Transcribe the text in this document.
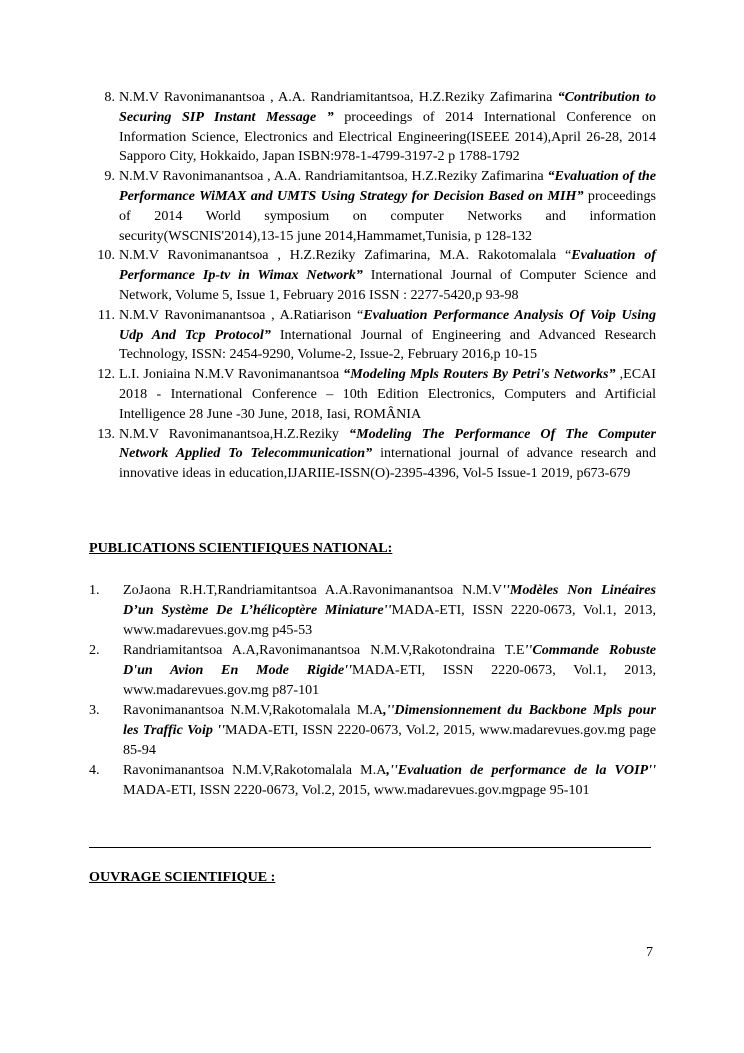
8. N.M.V Ravonimanantsoa , A.A. Randriamitantsoa, H.Z.Reziky Zafimarina “Contribution to Securing SIP Instant Message ” proceedings of 2014 International Conference on Information Science, Electronics and Electrical Engineering(ISEEE 2014),April 26-28, 2014 Sapporo City, Hokkaido, Japan ISBN:978-1-4799-3197-2 p 1788-1792
9. N.M.V Ravonimanantsoa , A.A. Randriamitantsoa, H.Z.Reziky Zafimarina “Evaluation of the Performance WiMAX and UMTS Using Strategy for Decision Based on MIH” proceedings of 2014 World symposium on computer Networks and information security(WSCNIS'2014),13-15 june 2014,Hammamet,Tunisia, p 128-132
10. N.M.V Ravonimanantsoa , H.Z.Reziky Zafimarina, M.A. Rakotomalala “Evaluation of Performance Ip-tv in Wimax Network” International Journal of Computer Science and Network, Volume 5, Issue 1, February 2016 ISSN : 2277-5420,p 93-98
11. N.M.V Ravonimanantsoa , A.Ratiarison “Evaluation Performance Analysis Of Voip Using Udp And Tcp Protocol” International Journal of Engineering and Advanced Research Technology, ISSN: 2454-9290, Volume-2, Issue-2, February 2016,p 10-15
12. L.I. Joniaina N.M.V Ravonimanantsoa “Modeling Mpls Routers By Petri's Networks” ,ECAI 2018 - International Conference – 10th Edition Electronics, Computers and Artificial Intelligence 28 June -30 June, 2018, Iasi, ROMÂNIA
13. N.M.V Ravonimanantsoa,H.Z.Reziky “Modeling The Performance Of The Computer Network Applied To Telecommunication” international journal of advance research and innovative ideas in education,IJARIIE-ISSN(O)-2395-4396, Vol-5 Issue-1 2019, p673-679
PUBLICATIONS SCIENTIFIQUES NATIONAL:
1. ZoJaona R.H.T,Randriamitantsoa A.A.Ravonimanantsoa N.M.V''Modèles Non Linéaires D’un Système De L’hélicoptère Miniature''MADA-ETI, ISSN 2220-0673, Vol.1, 2013, www.madarevues.gov.mg p45-53
2. Randriamitantsoa A.A,Ravonimanantsoa N.M.V,Rakotondraina T.E''Commande Robuste D'un Avion En Mode Rigide''MADA-ETI, ISSN 2220-0673, Vol.1, 2013, www.madarevues.gov.mg p87-101
3. Ravonimanantsoa N.M.V,Rakotomalala M.A,''Dimensionnement du Backbone Mpls pour les Traffic Voip ''MADA-ETI, ISSN 2220-0673, Vol.2, 2015, www.madarevues.gov.mg page 85-94
4. Ravonimanantsoa N.M.V,Rakotomalala M.A,''Evaluation de performance de la VOIP'' MADA-ETI, ISSN 2220-0673, Vol.2, 2015, www.madarevues.gov.mgpage 95-101
OUVRAGE SCIENTIFIQUE :
7
